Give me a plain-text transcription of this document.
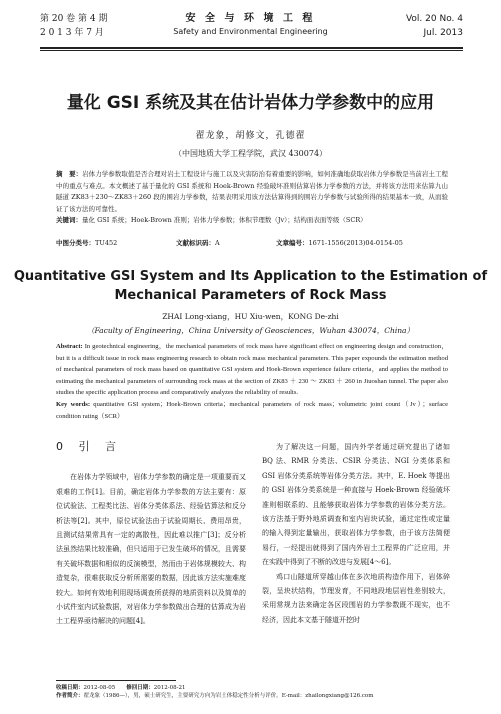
第 20 卷 第 4 期
2 0 1 3 年 7 月
安 全 与 环 境 工 程
Safety and Environmental Engineering
Vol. 20 No. 4
Jul. 2013
量化 GSI 系统及其在估计岩体力学参数中的应用
翟龙象，胡修文，孔德翟
（中国地质大学工程学院，武汉 430074）
摘　要：岩体力学参数取值是否合理对岩土工程设计与施工以及灾害防治有着重要的影响，如何准确地获取岩体力学参数是当前岩土工程中的重点与难点。本文概述了基于量化的 GSI 系统和 Hoek-Brown 经验破坏准则估算岩体力学参数的方法，并将该方法用来估算九山隧道 ZK83＋230～ZK83＋260 段的围岩力学参数，结果表明采用该方法估算得到的围岩力学参数与试验所得的结果基本一致，从而验证了该方法的可靠性。
关键词：量化 GSI 系统；Hoek-Brown 准则；岩体力学参数；体积节理数（Jv）；结构面表面等级（SCR）
中图分类号：TU452	文献标识码：A	文章编号：1671-1556(2013)04-0154-05
Quantitative GSI System and Its Application to the Estimation of Mechanical Parameters of Rock Mass
ZHAI Long-xiang，HU Xiu-wen，KONG De-zhi
（Faculty of Engineering，China University of Geosciences，Wuhan 430074，China）
Abstract: In geotechnical engineering，the mechanical parameters of rock mass have significant effect on engineering design and construction，but it is a difficult issue in rock mass engineering research to obtain rock mass mechanical parameters. This paper expounds the estimation method of mechanical parameters of rock mass based on quantitative GSI system and Hoek-Brown experience failure criteria，and applies the method to estimating the mechanical parameters of surrounding rock mass at the section of ZK83 ＋ 230 ～ ZK83 ＋ 260 in Jiuoshan tunnel. The paper also studies the specific application process and comparatively analyzes the reliability of results.
Key words: quantitative GSI system；Hoek-Brown criteria；mechanical parameters of rock mass；volumetric joint count（Jv）；surface condition rating（SCR）
0 引 言

在岩体力学领域中，岩体力学参数的确定是一项重要而又艰难的工作[1]。目前，确定岩体力学参数的方法主要有：原位试验法、工程类比法、岩体分类体系法、经验估算法和反分析法等[2]。其中，原位试验法由于试验周期长、费用昂贵，且测试结果常具有一定的离散性，因此难以推广[3]；反分析法虽然结果比较准确，但只适用于已发生破坏的情况，且需要有关破坏数据和相似的反演模型，然而由于岩体规模较大、构造复杂，很难获取反分析所需要的数据，因此该方法实施难度较大。如何有效地利用现场调查所获得的地质资料以及简单的小试件室内试验数据，对岩体力学参数做出合理的估算成为岩土工程界亟待解决的问题[4]。

为了解决这一问题，国内外学者通过研究提出了诸如 BQ 法、RMR 分类法、CSIR 分类法、NGI 分类体系和 GSI 岩体分类系统等岩体分类方法。其中，E. Hoek 等提出的 GSI 岩体分类系统是一种直接与 Hoek-Brown 经验破坏准则相联系的、且能够获取岩体力学参数的岩体分类方法。该方法基于野外地质调查和室内岩块试验，通过定性或定量的输入得到定量输出，获取岩体力学参数，由于该方法简便易行，一经提出就得到了国内外岩土工程界的广泛应用，并在实践中得到了不断的改进与发展[4～6]。

鸡口山隧道所穿越山体在多次地质构造作用下，岩体碎裂，呈块状结构，节理发育，不同地段地层岩性差别较大，采用常规力法来确定各区段围岩的力学参数既不现实，也不经济，因此本文基于隧道开挖时

收稿日期：2012-08-05　　 修回日期：2012-08-21
作者简介：翟龙象（1986—），男，硕士研究生，主要研究方向为岩土体稳定性分析与评价。E-mail：zhailongxiang@126.com
